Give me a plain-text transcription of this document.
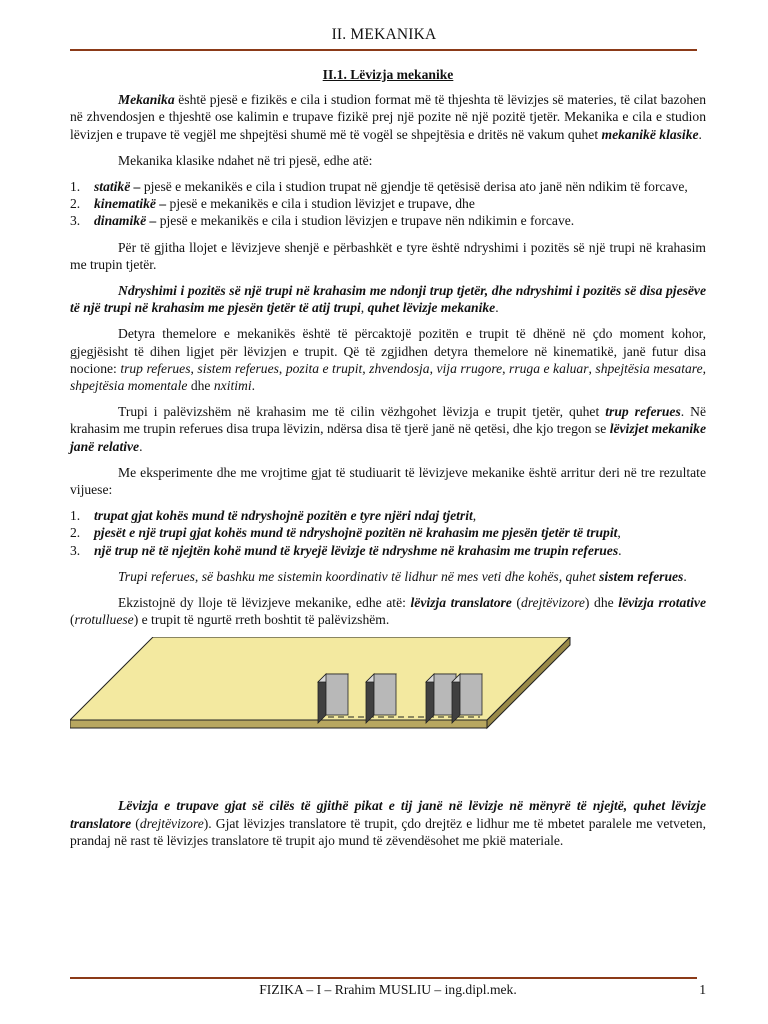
II. MEKANIKA
II.1. Lëvizja mekanike

Mekanika është pjesë e fizikës e cila i studion format më të thjeshta të lëvizjes së materies, të cilat bazohen në zhvendosjen e thjeshtë ose kalimin e trupave fizikë prej një pozite në një pozitë tjetër. Mekanika e cila e studion lëvizjen e trupave të vegjël me shpejtësi shumë më të vogël se shpejtësia e dritës në vakum quhet mekanikë klasike.

Mekanika klasike ndahet në tri pjesë, edhe atë:

1. statikë – pjesë e mekanikës e cila i studion trupat në gjendje të qetësisë derisa ato janë nën ndikim të forcave,
2. kinematikë – pjesë e mekanikës e cila i studion lëvizjet e trupave, dhe
3. dinamikë – pjesë e mekanikës e cila i studion lëvizjen e trupave nën ndikimin e forcave.

Për të gjitha llojet e lëvizjeve shenjë e përbashkët e tyre është ndryshimi i pozitës së një trupi në krahasim me trupin tjetër.

Ndryshimi i pozitës së një trupi në krahasim me ndonji trup tjetër, dhe ndryshimi i pozitës së disa pjesëve të një trupi në krahasim me pjesën tjetër të atij trupi, quhet lëvizje mekanike.

Detyra themelore e mekanikës është të përcaktojë pozitën e trupit të dhënë në çdo moment kohor, gjegjësisht të dihen ligjet për lëvizjen e trupit. Që të zgjidhen detyra themelore në kinematikë, janë futur disa nocione: trup referues, sistem referues, pozita e trupit, zhvendosja, vija rrugore, rruga e kaluar, shpejtësia mesatare, shpejtësia momentale dhe nxitimi.

Trupi i palëvizshëm në krahasim me të cilin vëzhgohet lëvizja e trupit tjetër, quhet trup referues. Në krahasim me trupin referues disa trupa lëvizin, ndërsa disa të tjerë janë në qetësi, dhe kjo tregon se lëvizjet mekanike janë relative.

Me eksperimente dhe me vrojtime gjat të studiuarit të lëvizjeve mekanike është arritur deri në tre rezultate vijuese:

1. trupat gjat kohës mund të ndryshojnë pozitën e tyre njëri ndaj tjetrit,
2. pjesët e një trupi gjat kohës mund të ndryshojnë pozitën në krahasim me pjesën tjetër të trupit,
3. një trup në të njejtën kohë mund të kryejë lëvizje të ndryshme në krahasim me trupin referues.

Trupi referues, së bashku me sistemin koordinativ të lidhur në mes veti dhe kohës, quhet sistem referues.

Ekzistojnë dy lloje të lëvizjeve mekanike, edhe atë: lëvizja translatore (drejtëvizore) dhe lëvizja rrotative (rrotulluese) e trupit të ngurtë rreth boshtit të palëvizshëm.

Lëvizja e trupave gjat së cilës të gjithë pikat e tij janë në lëvizje në mënyrë të njejtë, quhet lëvizje translatore (drejtëvizore). Gjat lëvizjes translatore të trupit, çdo drejtëz e lidhur me të mbetet paralele me vetveten, prandaj në rast të lëvizjes translatore të trupit ajo mund të zëvendësohet me pkië materiale.

FIZIKA – I – Rrahim MUSLIU – ing.dipl.mek.	1
